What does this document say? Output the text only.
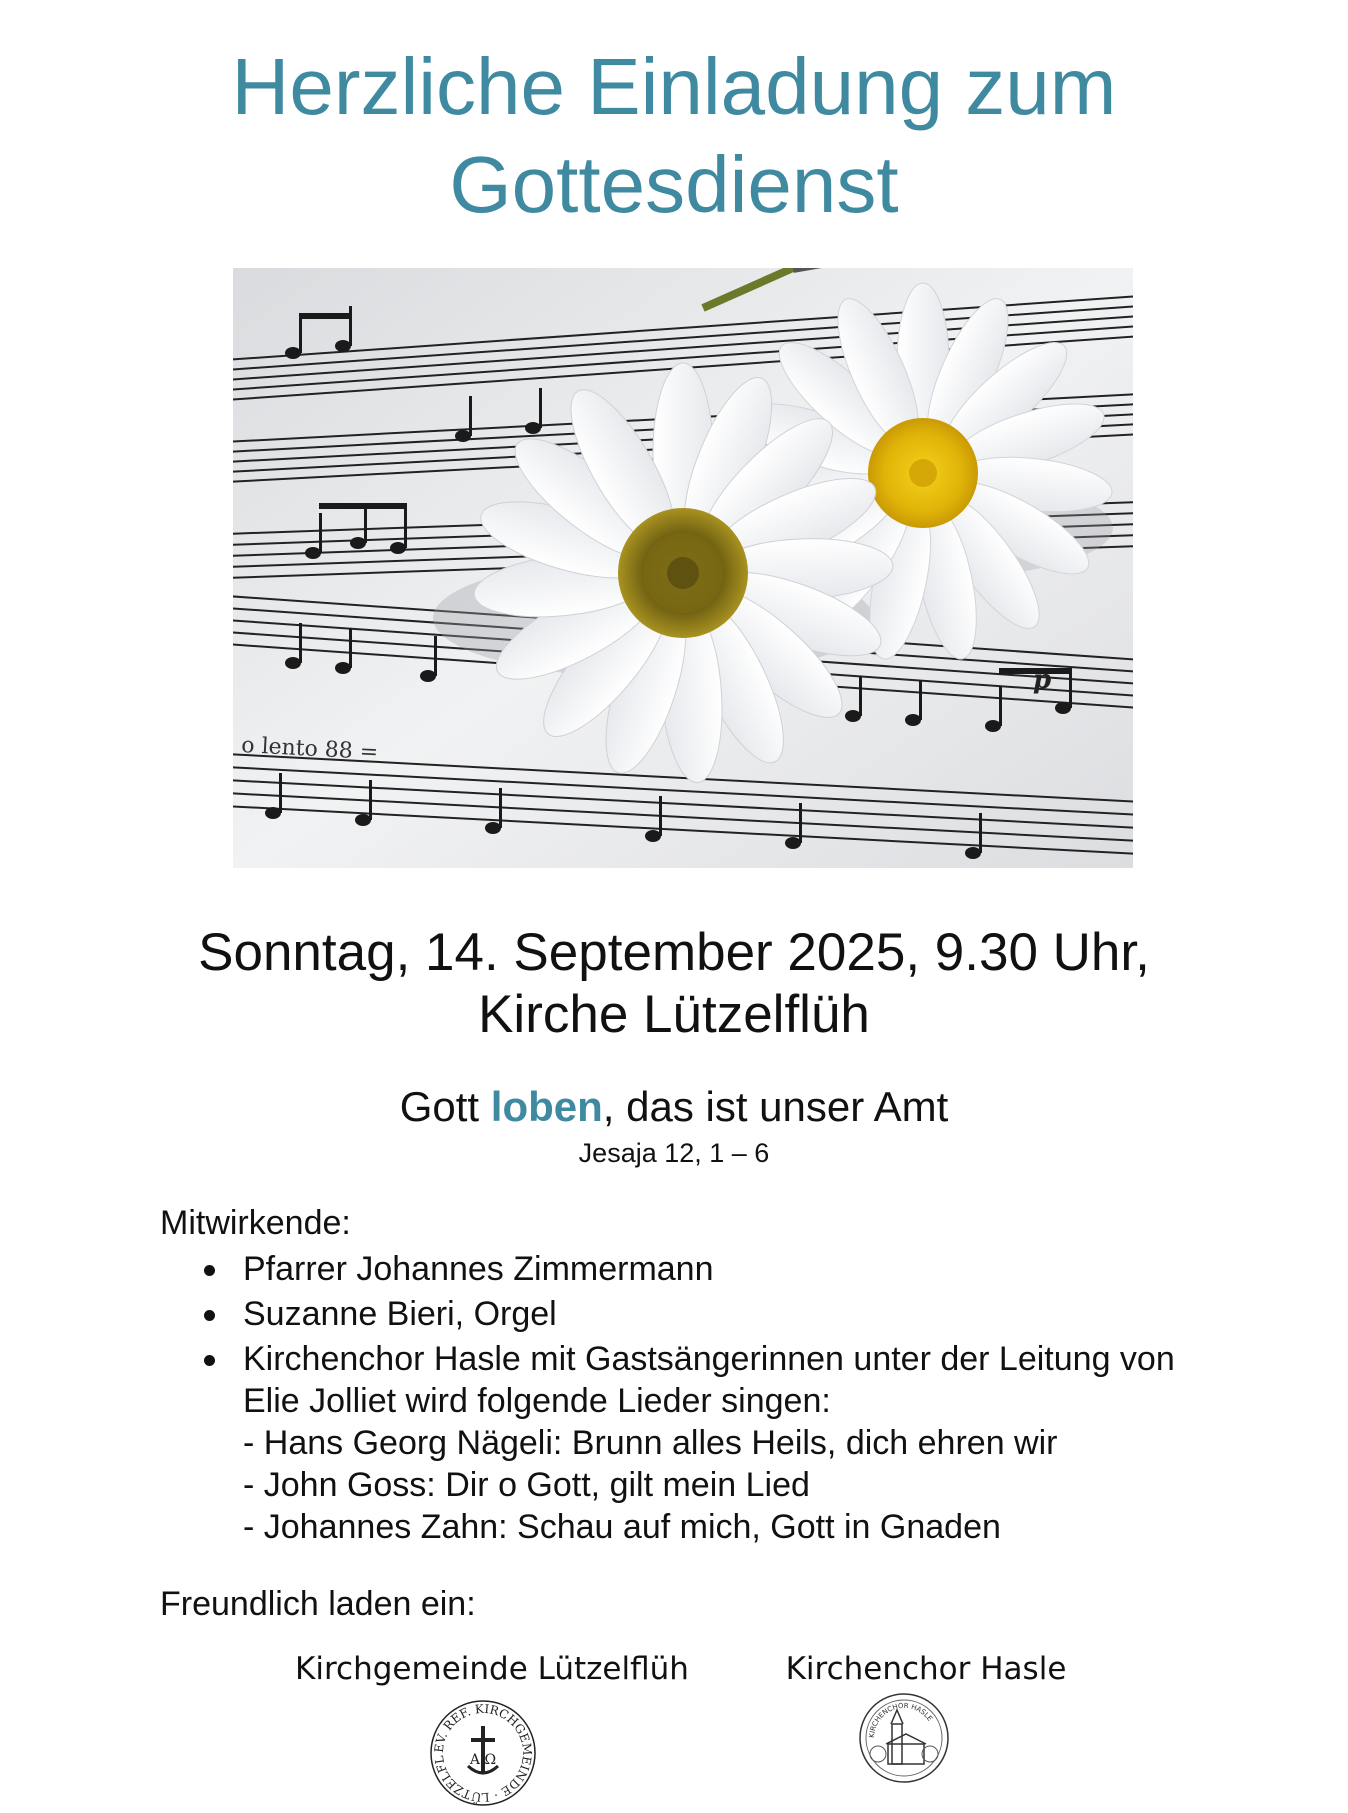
Herzliche Einladung zum
Gottesdienst
o lento 88 =
p
Sonntag, 14. September 2025, 9.30 Uhr,
Kirche Lützelflüh
Gott loben, das ist unser Amt
Jesaja 12, 1 – 6
Mitwirkende:
Pfarrer Johannes Zimmermann
Suzanne Bieri, Orgel
Kirchenchor Hasle mit Gastsängerinnen unter der Leitung von Elie Jolliet wird folgende Lieder singen:
- Hans Georg Nägeli: Brunn alles Heils, dich ehren wir
- John Goss: Dir o Gott, gilt mein Lied
- Johannes Zahn: Schau auf mich, Gott in Gnaden
Freundlich laden ein:
Kirchgemeinde Lützelflüh	Kirchenchor Hasle
EV. REF. KIRCHGEMEINDE · LÜTZELFL	A Ω
KIRCHENCHOR HASLE
